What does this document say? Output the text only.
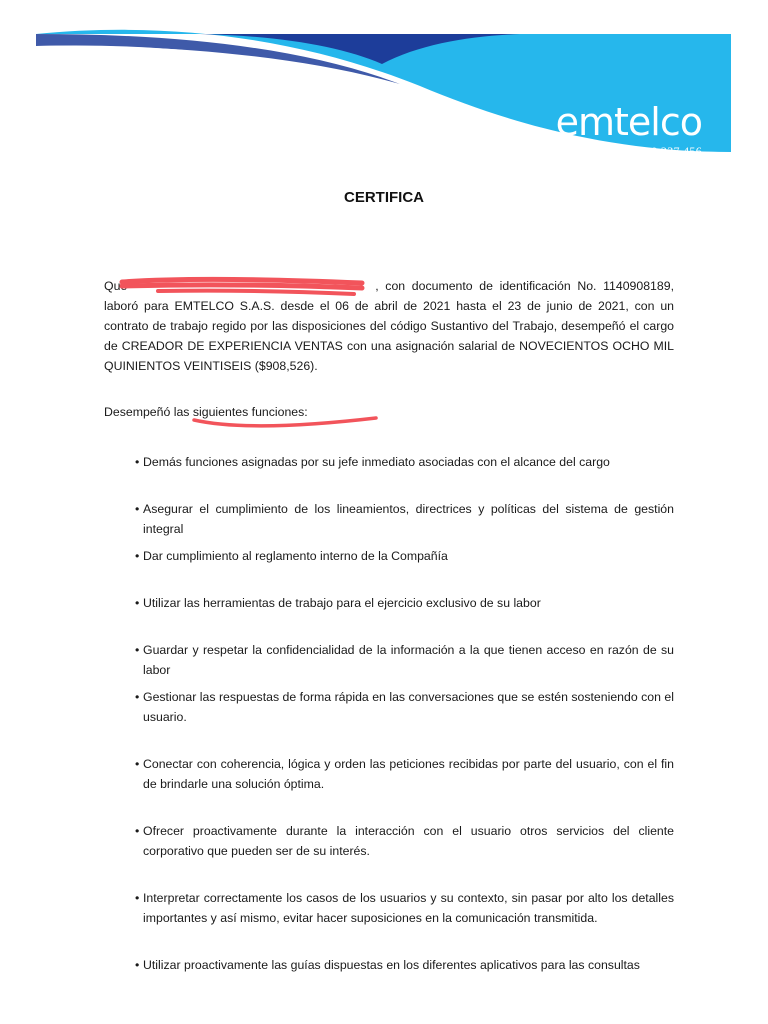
emtelco
NIT. 800.237.456
CERTIFICA
Que	, con documento de identificación No. 1140908189, laboró para EMTELCO S.A.S. desde el 06 de abril de 2021 hasta el 23 de junio de 2021, con un contrato de trabajo regido por las disposiciones del código Sustantivo del Trabajo, desempeñó el cargo de CREADOR DE EXPERIENCIA VENTAS con una asignación salarial de NOVECIENTOS OCHO MIL QUINIENTOS VEINTISEIS ($908,526).
Desempeñó las siguientes funciones:
• Demás funciones asignadas por su jefe inmediato asociadas con el alcance del cargo
• Asegurar el cumplimiento de los lineamientos, directrices y políticas del sistema de gestión integral
• Dar cumplimiento al reglamento interno de la Compañía
• Utilizar las herramientas de trabajo para el ejercicio exclusivo de su labor
• Guardar y respetar la confidencialidad de la información a la que tienen acceso en razón de su labor
• Gestionar las respuestas de forma rápida en las conversaciones que se estén sosteniendo con el usuario.
• Conectar con coherencia, lógica y orden las peticiones recibidas por parte del usuario, con el fin de brindarle una solución óptima.
• Ofrecer proactivamente durante la interacción con el usuario otros servicios del cliente corporativo que pueden ser de su interés.
• Interpretar correctamente los casos de los usuarios y su contexto, sin pasar por alto los detalles importantes y así mismo, evitar hacer suposiciones en la comunicación transmitida.
• Utilizar proactivamente las guías dispuestas en los diferentes aplicativos para las consultas
